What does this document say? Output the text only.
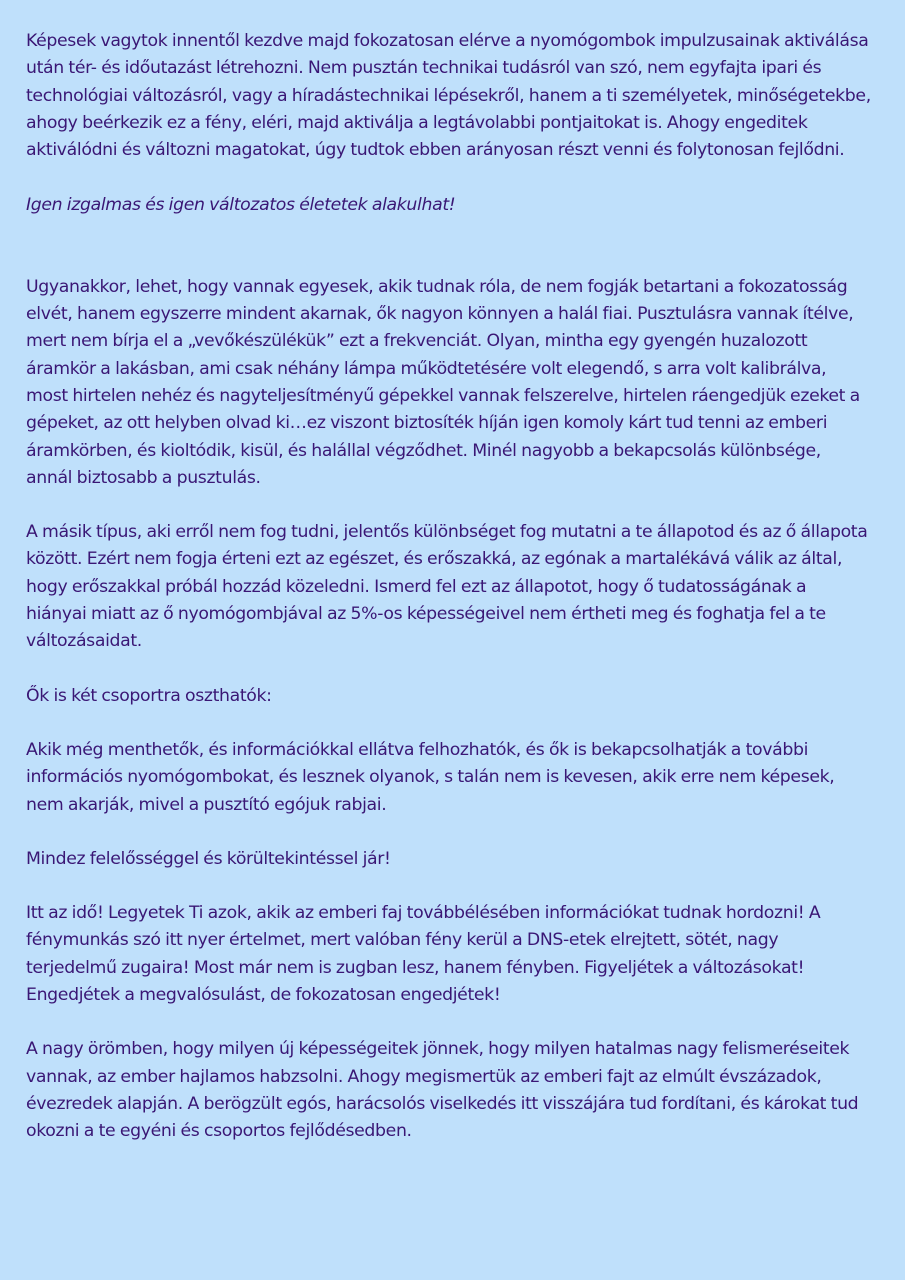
Képesek vagytok innentől kezdve majd fokozatosan elérve a nyomógombok impulzusainak aktiválása után tér- és időutazást létrehozni. Nem pusztán technikai tudásról van szó, nem egyfajta ipari és technológiai változásról, vagy a híradástechnikai lépésekről, hanem a ti személyetek, minőségetekbe, ahogy beérkezik ez a fény, eléri, majd aktiválja a legtávolabbi pontjaitokat is. Ahogy engeditek aktiválódni és változni magatokat, úgy tudtok ebben arányosan részt venni és folytonosan fejlődni.

Igen izgalmas és igen változatos életetek alakulhat!

Ugyanakkor, lehet, hogy vannak egyesek, akik tudnak róla, de nem fogják betartani a fokozatosság elvét, hanem egyszerre mindent akarnak, ők nagyon könnyen a halál fiai. Pusztulásra vannak ítélve, mert nem bírja el a „vevőkészülékük” ezt a frekvenciát. Olyan, mintha egy gyengén huzalozott áramkör a lakásban, ami csak néhány lámpa működtetésére volt elegendő, s arra volt kalibrálva, most hirtelen nehéz és nagyteljesítményű gépekkel vannak felszerelve, hirtelen ráengedjük ezeket a gépeket, az ott helyben olvad ki…ez viszont biztosíték híján igen komoly kárt tud tenni az emberi áramkörben, és kioltódik, kisül, és halállal végződhet. Minél nagyobb a bekapcsolás különbsége, annál biztosabb a pusztulás.

A másik típus, aki erről nem fog tudni, jelentős különbséget fog mutatni a te állapotod és az ő állapota között. Ezért nem fogja érteni ezt az egészet, és erőszakká, az egónak a martalékává válik az által, hogy erőszakkal próbál hozzád közeledni. Ismerd fel ezt az állapotot, hogy ő tudatosságának a hiányai miatt az ő nyomógombjával az 5%-os képességeivel nem értheti meg és foghatja fel a te változásaidat.

Ők is két csoportra oszthatók:

Akik még menthetők, és információkkal ellátva felhozhatók, és ők is bekapcsolhatják a további információs nyomógombokat, és lesznek olyanok, s talán nem is kevesen, akik erre nem képesek, nem akarják, mivel a pusztító egójuk rabjai.

Mindez felelősséggel és körültekintéssel jár!

Itt az idő! Legyetek Ti azok, akik az emberi faj továbbélésében információkat tudnak hordozni! A fénymunkás szó itt nyer értelmet, mert valóban fény kerül a DNS-etek elrejtett, sötét, nagy terjedelmű zugaira! Most már nem is zugban lesz, hanem fényben. Figyeljétek a változásokat! Engedjétek a megvalósulást, de fokozatosan engedjétek!

A nagy örömben, hogy milyen új képességeitek jönnek, hogy milyen hatalmas nagy felismeréseitek vannak, az ember hajlamos habzsolni. Ahogy megismertük az emberi fajt az elmúlt évszázadok, évezredek alapján. A berögzült egós, harácsolós viselkedés itt visszájára tud fordítani, és károkat tud okozni a te egyéni és csoportos fejlődésedben.
